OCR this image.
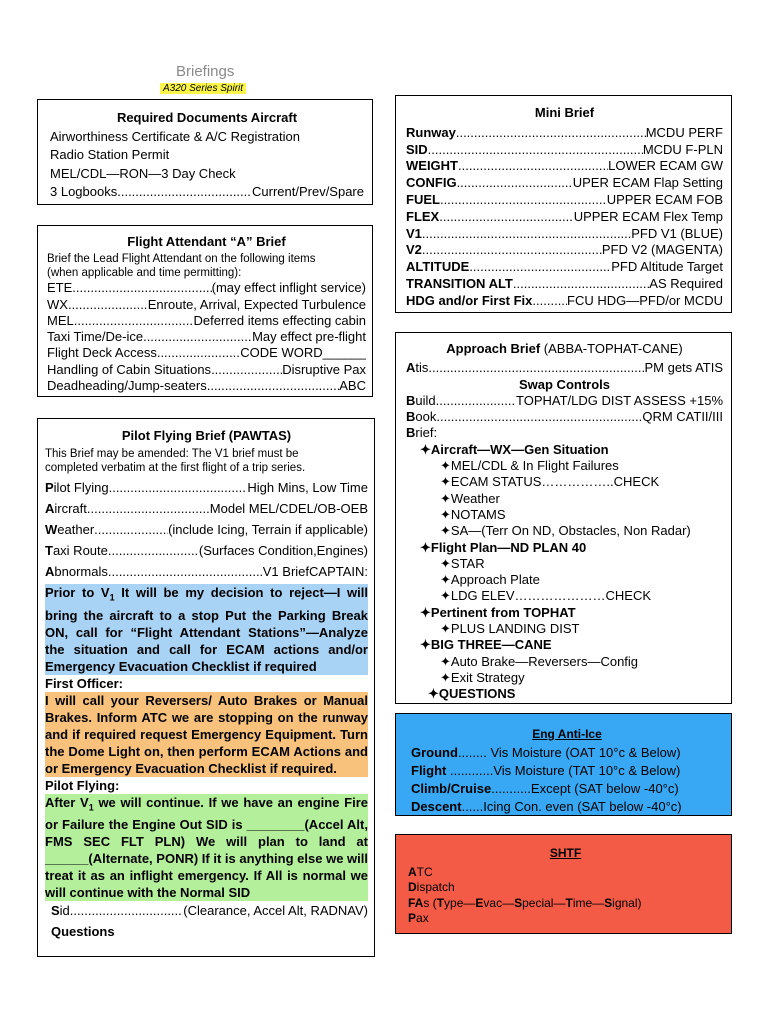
Briefings
A320 Series Spirit
Required Documents Aircraft
Airworthiness Certificate & A/C Registration
Radio Station Permit
MEL/CDL—RON—3 Day Check
3 Logbooks .....	Current/Prev/Spare
Flight Attendant “A” Brief
Brief the Lead Flight Attendant on the following items
(when applicable and time permitting):
ETE .....	(may effect inflight service)
WX .....	Enroute, Arrival, Expected Turbulence
MEL .....	Deferred items effecting cabin
Taxi Time/De-ice .....	May effect pre-flight
Flight Deck Access .....	CODE WORD______
Handling of Cabin Situations .....	Disruptive Pax
Deadheading/Jump-seaters .....	ABC
Pilot Flying Brief (PAWTAS)
This Brief may be amended: The V1 brief must be
completed verbatim at the first flight of a trip series.
Pilot Flying .....	High Mins, Low Time
Aircraft .....	Model MEL/CDEL/OB-OEB
Weather .....	(include Icing, Terrain if applicable)
Taxi Route .....	(Surfaces Condition,Engines)
Abnormals .....	V1 BriefCAPTAIN:
Prior to $V_1$ It will be my decision to reject—I will bring the aircraft to a stop Put the Parking Break ON, call for “Flight Attendant Stations”—Analyze the situation and call for ECAM actions and/or Emergency Evacuation Checklist if required
First Officer:
I will call your Reversers/ Auto Brakes or Manual Brakes. Inform ATC we are stopping on the runway and if required request Emergency Equipment. Turn the Dome Light on, then perform ECAM Actions and or Emergency Evacuation Checklist if required.
Pilot Flying:
After $V_1$ we will continue. If we have an engine Fire or Failure the Engine Out SID is ________(Accel Alt, FMS SEC FLT PLN) We will plan to land at ______(Alternate, PONR) If it is anything else we will treat it as an inflight emergency. If All is normal we will continue with the Normal SID
Sid .....	(Clearance, Accel Alt, RADNAV)
Questions
Mini Brief
Runway .....	MCDU PERF
SID .....	MCDU F-PLN
WEIGHT .....	LOWER ECAM GW
CONFIG .....	UPER ECAM Flap Setting
FUEL .....	UPPER ECAM FOB
FLEX .....	UPPER ECAM Flex Temp
V1 .....	PFD V1 (BLUE)
V2 .....	PFD V2 (MAGENTA)
ALTITUDE .....	PFD Altitude Target
TRANSITION ALT .....	AS Required
HDG and/or First Fix .....	FCU HDG—PFD/or MCDU
Approach Brief (ABBA-TOPHAT-CANE)
Atis .....	PM gets ATIS
Swap Controls
Build .....	TOPHAT/LDG DIST ASSESS +15%
Book .....	QRM CATII/III
Brief:
✦ Aircraft—WX—Gen Situation
✦ MEL/CDL & In Flight Failures
✦ ECAM STATUS……………..CHECK
✦ Weather
✦ NOTAMS
✦ SA—(Terr On ND, Obstacles, Non Radar)
✦ Flight Plan—ND PLAN 40
✦ STAR
✦ Approach Plate
✦ LDG ELEV…………………CHECK
✦ Pertinent from TOPHAT
✦ PLUS LANDING DIST
✦ BIG THREE—CANE
✦ Auto Brake—Reversers—Config
✦ Exit Strategy
✦ QUESTIONS
Eng Anti-Ice
Ground........ Vis Moisture (OAT 10°c & Below)
Flight ............Vis Moisture (TAT 10°c & Below)
Climb/Cruise...........Except (SAT below -40°c)
Descent......Icing Con. even (SAT below -40°c)
SHTF
ATC
Dispatch
FAs (Type—Evac—Special—Time—Signal)
Pax
